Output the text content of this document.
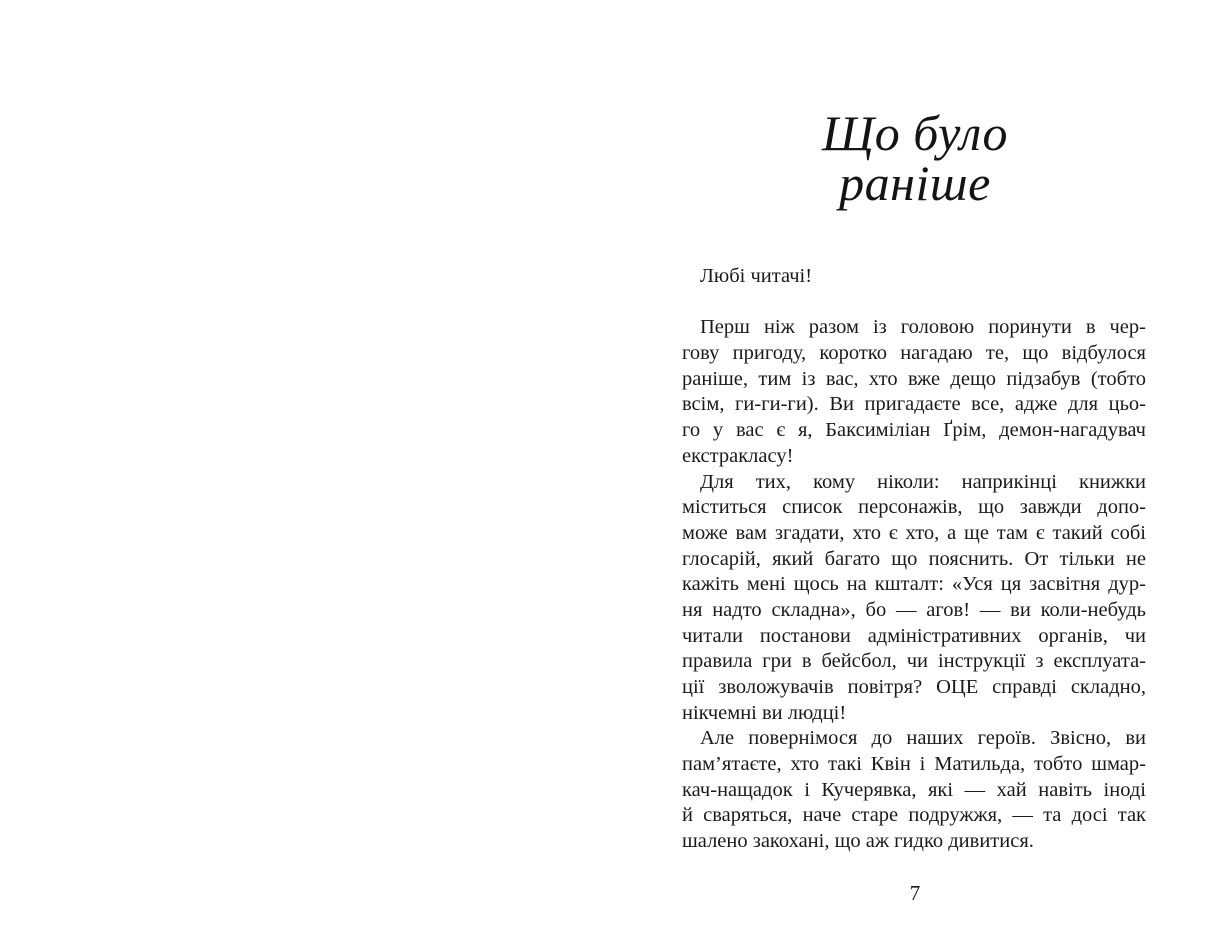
Що було раніше
Любі читачі!
Перш ніж разом із головою поринути в чер-
гову пригоду, коротко нагадаю те, що відбулося
раніше, тим із вас, хто вже дещо підзабув (тобто
всім, ги-ги-ги). Ви пригадаєте все, адже для цьо-
го у вас є я, Баксиміліан Ґрім, демон-нагадувач
екстракласу!
Для тих, кому ніколи: наприкінці книжки
міститься список персонажів, що завжди допо-
може вам згадати, хто є хто, а ще там є такий собі
глосарій, який багато що пояснить. От тільки не
кажіть мені щось на кшталт: «Уся ця засвітня дур-
ня надто складна», бо — агов! — ви коли-небудь
читали постанови адміністративних органів, чи
правила гри в бейсбол, чи інструкції з експлуата-
ції зволожувачів повітря? ОЦЕ справді складно,
нікчемні ви людці!
Але повернімося до наших героїв. Звісно, ви
пам’ятаєте, хто такі Квін і Матильда, тобто шмар-
кач-нащадок і Кучерявка, які — хай навіть іноді
й сваряться, наче старе подружжя, — та досі так
шалено закохані, що аж гидко дивитися.
7
